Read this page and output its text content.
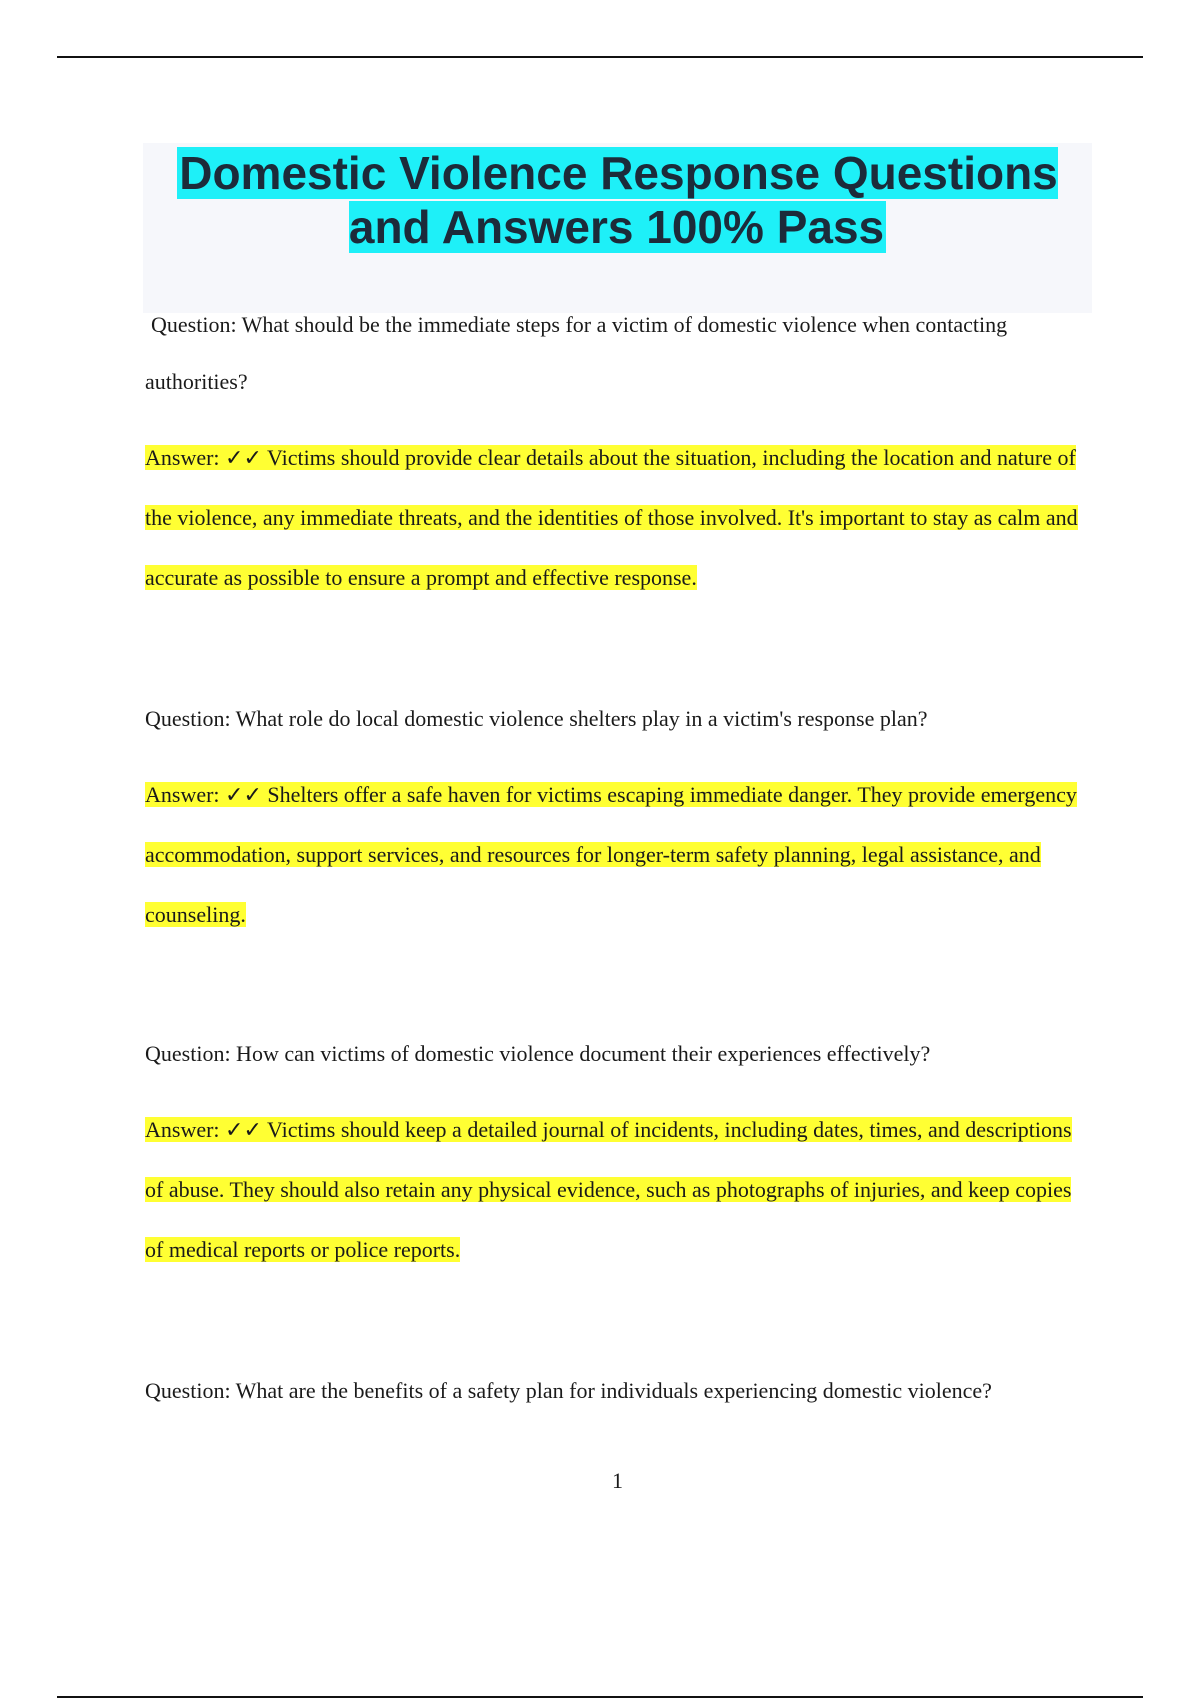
Domestic Violence Response Questions and Answers 100% Pass

Question: What should be the immediate steps for a victim of domestic violence when contacting authorities?

Answer: ✓✓ Victims should provide clear details about the situation, including the location and nature of the violence, any immediate threats, and the identities of those involved. It's important to stay as calm and accurate as possible to ensure a prompt and effective response.

Question: What role do local domestic violence shelters play in a victim's response plan?

Answer: ✓✓ Shelters offer a safe haven for victims escaping immediate danger. They provide emergency accommodation, support services, and resources for longer-term safety planning, legal assistance, and counseling.

Question: How can victims of domestic violence document their experiences effectively?

Answer: ✓✓ Victims should keep a detailed journal of incidents, including dates, times, and descriptions of abuse. They should also retain any physical evidence, such as photographs of injuries, and keep copies of medical reports or police reports.

Question: What are the benefits of a safety plan for individuals experiencing domestic violence?

1
